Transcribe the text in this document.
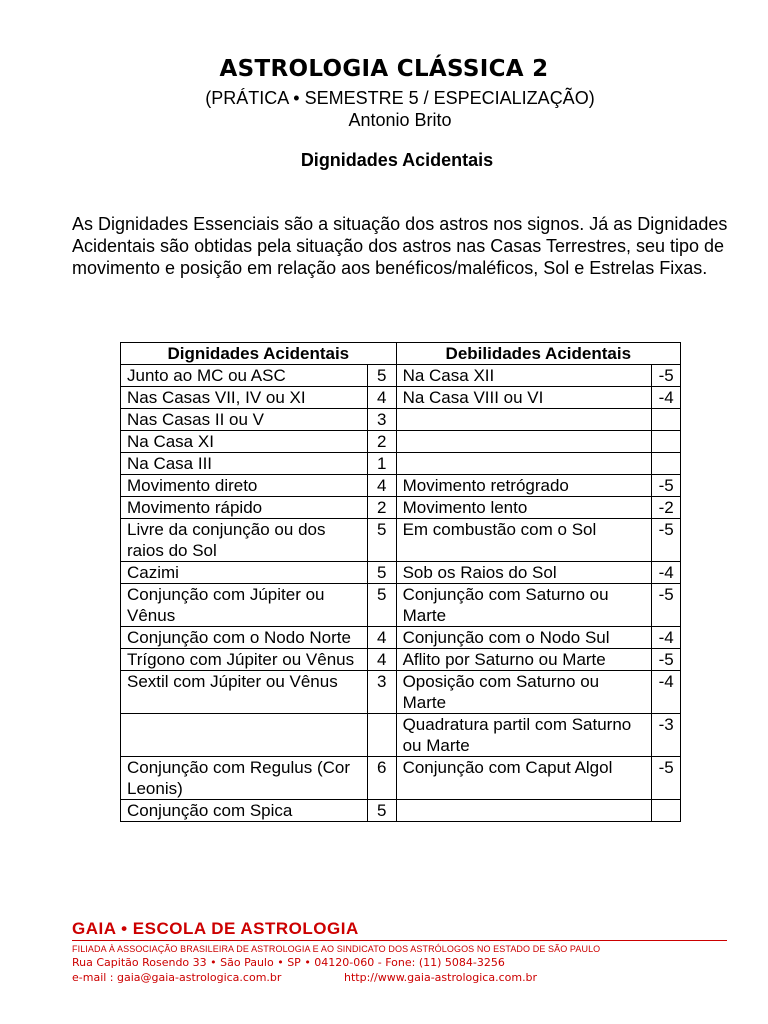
ASTROLOGIA CLÁSSICA 2
(PRÁTICA • SEMESTRE 5 / ESPECIALIZAÇÃO)
Antonio Brito
Dignidades Acidentais
As Dignidades Essenciais são a situação dos astros nos signos. Já as Dignidades Acidentais são obtidas pela situação dos astros nas Casas Terrestres, seu tipo de movimento e posição em relação aos benéficos/maléficos, Sol e Estrelas Fixas.
Dignidades Acidentais		Debilidades Acidentais	
Junto ao MC ou ASC	5	Na Casa XII	-5
Nas Casas VII, IV ou XI	4	Na Casa VIII ou VI	-4
Nas Casas II ou V	3		
Na Casa XI	2		
Na Casa III	1		
Movimento direto	4	Movimento retrógrado	-5
Movimento rápido	2	Movimento lento	-2
Livre da conjunção ou dos raios do Sol	5	Em combustão com o Sol	-5
Cazimi	5	Sob os Raios do Sol	-4
Conjunção com Júpiter ou Vênus	5	Conjunção com Saturno ou Marte	-5
Conjunção com o Nodo Norte	4	Conjunção com o Nodo Sul	-4
Trígono com Júpiter ou Vênus	4	Aflito por Saturno ou Marte	-5
Sextil com Júpiter ou Vênus	3	Oposição com Saturno ou Marte	-4
		Quadratura partil com Saturno ou Marte	-3
Conjunção com Regulus (Cor Leonis)	6	Conjunção com Caput Algol	-5
Conjunção com Spica	5		
GAIA • ESCOLA DE ASTROLOGIA
FILIADA À ASSOCIAÇÃO BRASILEIRA DE ASTROLOGIA E AO SINDICATO DOS ASTRÓLOGOS NO ESTADO DE SÃO PAULO
Rua Capitão Rosendo 33 • São Paulo • SP • 04120-060 - Fone: (11) 5084-3256
e-mail : gaia@gaia-astrologica.com.br	http://www.gaia-astrologica.com.br
